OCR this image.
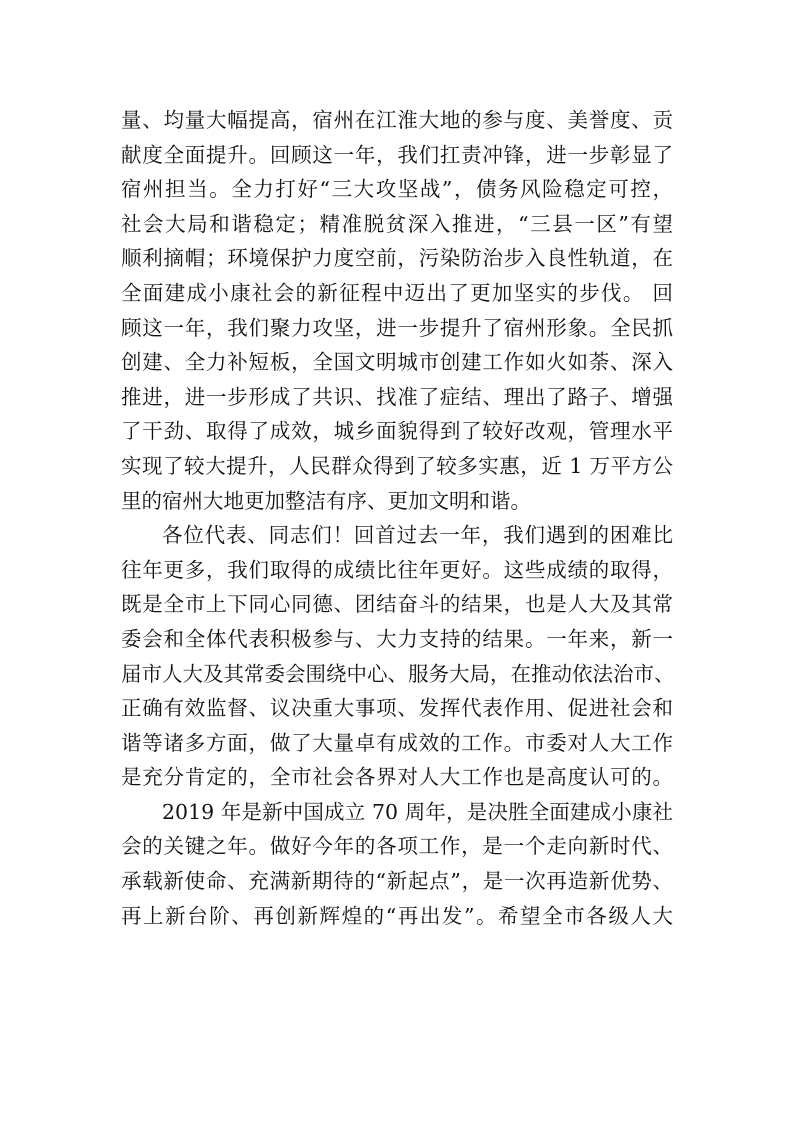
量、均量大幅提高，宿州在江淮大地的参与度、美誉度、贡
献度全面提升。回顾这一年，我们扛责冲锋，进一步彰显了
宿州担当。全力打好“三大攻坚战”，债务风险稳定可控，
社会大局和谐稳定；精准脱贫深入推进，“三县一区”有望
顺利摘帽；环境保护力度空前，污染防治步入良性轨道，在
全面建成小康社会的新征程中迈出了更加坚实的步伐。 回
顾这一年，我们聚力攻坚，进一步提升了宿州形象。全民抓
创建、全力补短板，全国文明城市创建工作如火如荼、深入
推进，进一步形成了共识、找准了症结、理出了路子、增强
了干劲、取得了成效，城乡面貌得到了较好改观，管理水平
实现了较大提升，人民群众得到了较多实惠，近 1 万平方公
里的宿州大地更加整洁有序、更加文明和谐。
各位代表、同志们！回首过去一年，我们遇到的困难比
往年更多，我们取得的成绩比往年更好。这些成绩的取得，
既是全市上下同心同德、团结奋斗的结果，也是人大及其常
委会和全体代表积极参与、大力支持的结果。一年来，新一
届市人大及其常委会围绕中心、服务大局，在推动依法治市、
正确有效监督、议决重大事项、发挥代表作用、促进社会和
谐等诸多方面，做了大量卓有成效的工作。市委对人大工作
是充分肯定的，全市社会各界对人大工作也是高度认可的。
2019 年是新中国成立 70 周年，是决胜全面建成小康社
会的关键之年。做好今年的各项工作，是一个走向新时代、
承载新使命、充满新期待的“新起点”，是一次再造新优势、
再上新台阶、再创新辉煌的“再出发”。希望全市各级人大
